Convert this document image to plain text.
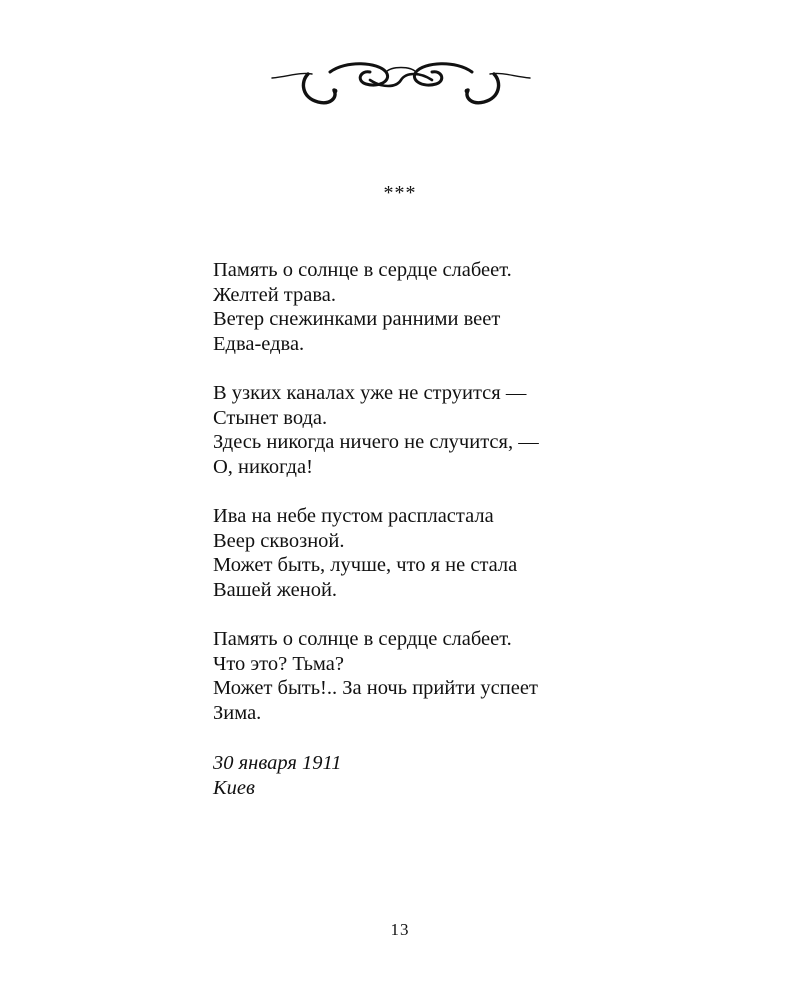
***
Память о солнце в сердце слабеет.
Желтей трава.
Ветер снежинками ранними веет
Едва-едва.
В узких каналах уже не струится —
Стынет вода.
Здесь никогда ничего не случится, —
О, никогда!
Ива на небе пустом распластала
Веер сквозной.
Может быть, лучше, что я не стала
Вашей женой.
Память о солнце в сердце слабеет.
Что это? Тьма?
Может быть!.. За ночь прийти успеет
Зима.
30 января 1911
Киев
13
